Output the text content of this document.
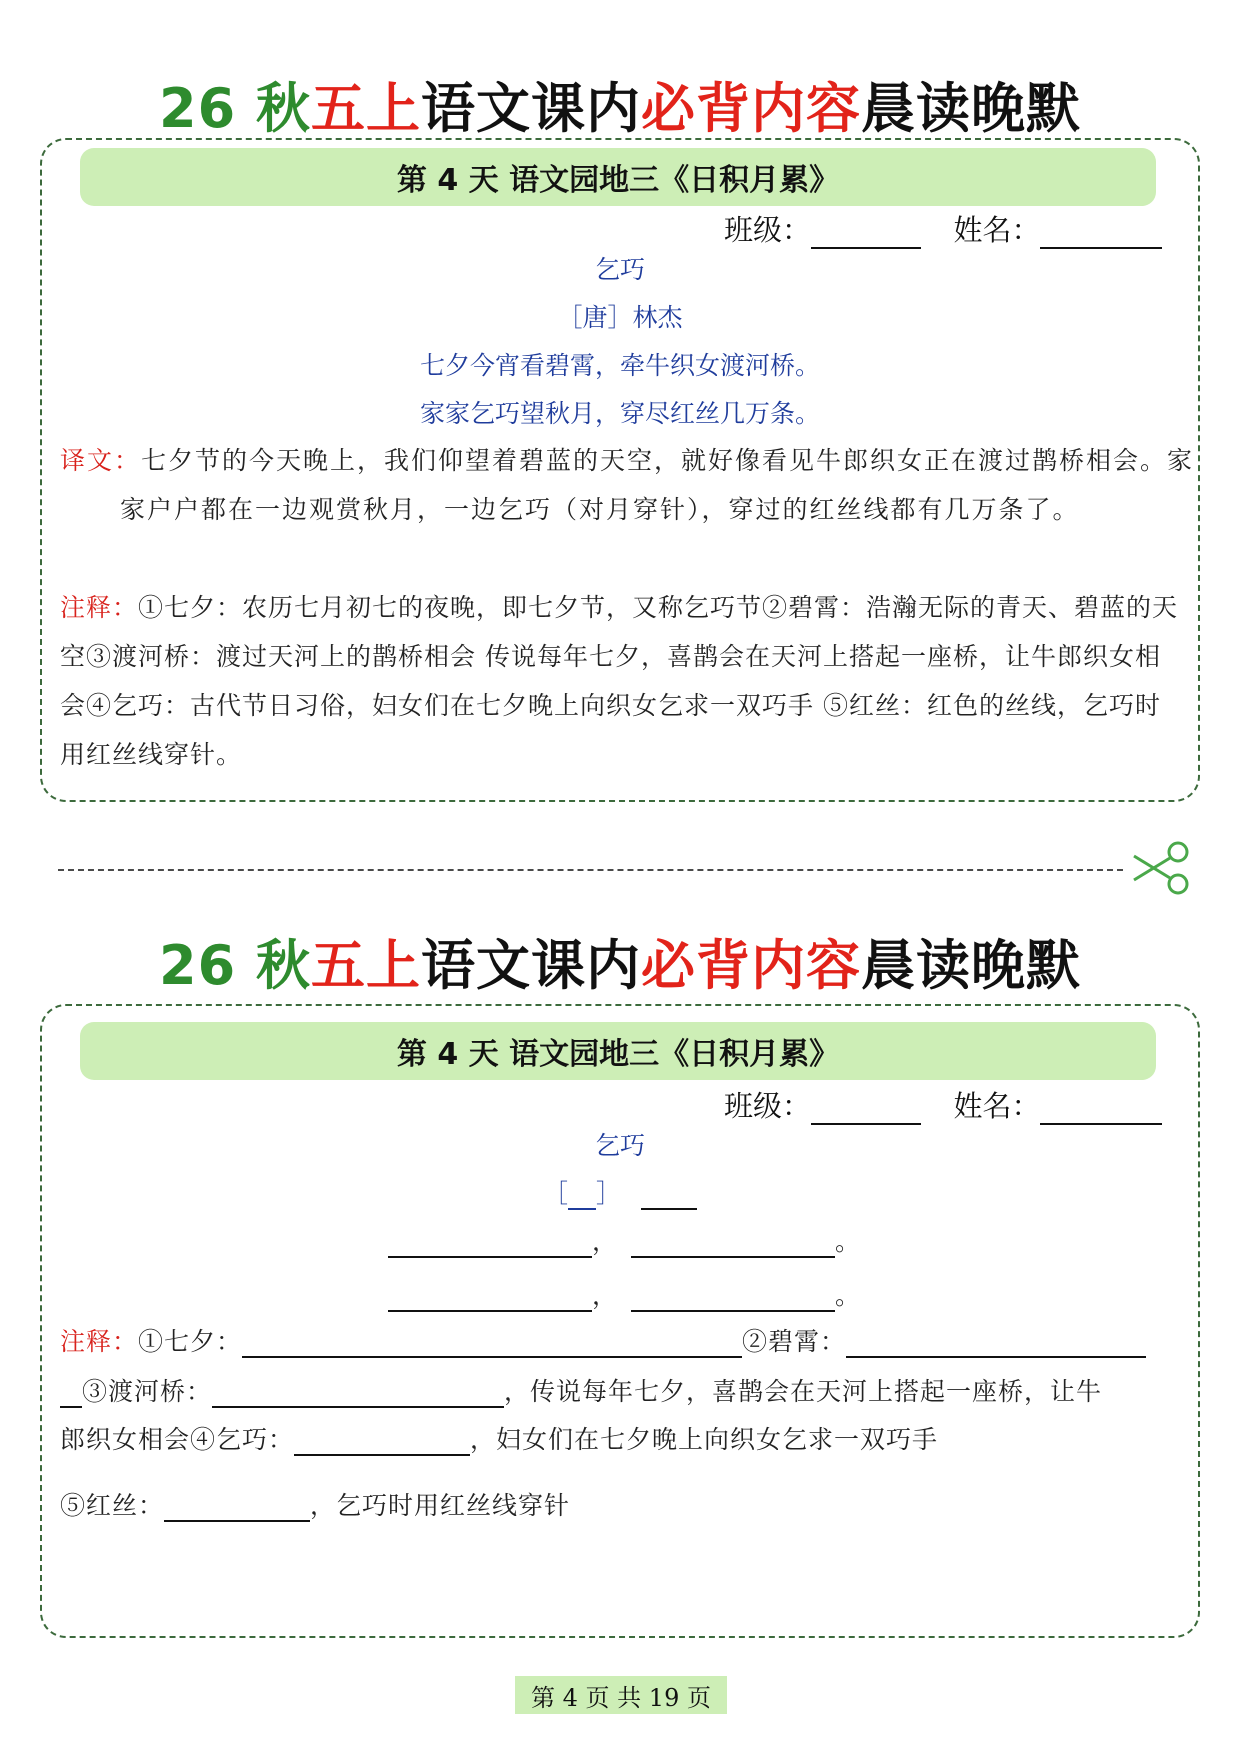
26 秋五上语文课内必背内容晨读晚默
第 4 天 语文园地三《日积月累》
班级：	姓名：
乞巧
［唐］林杰
七夕今宵看碧霄，牵牛织女渡河桥。
家家乞巧望秋月，穿尽红丝几万条。
译文：七夕节的今天晚上，我们仰望着碧蓝的天空，就好像看见牛郎织女正在渡过鹊桥相会。家家户户都在一边观赏秋月，一边乞巧（对月穿针），穿过的红丝线都有几万条了。
注释：①七夕：农历七月初七的夜晚，即七夕节，又称乞巧节②碧霄：浩瀚无际的青天、碧蓝的天空③渡河桥：渡过天河上的鹊桥相会 传说每年七夕，喜鹊会在天河上搭起一座桥，让牛郎织女相会④乞巧：古代节日习俗，妇女们在七夕晚上向织女乞求一双巧手 ⑤红丝：红色的丝线，乞巧时用红丝线穿针。
26 秋五上语文课内必背内容晨读晚默
第 4 天 语文园地三《日积月累》
班级：	姓名：
乞巧
［ ］
，	。
，	。
注释：①七夕：	②碧霄：
③渡河桥：	，传说每年七夕，喜鹊会在天河上搭起一座桥，让牛
郎织女相会④乞巧：	，妇女们在七夕晚上向织女乞求一双巧手
⑤红丝：	，乞巧时用红丝线穿针
第 4 页 共 19 页
